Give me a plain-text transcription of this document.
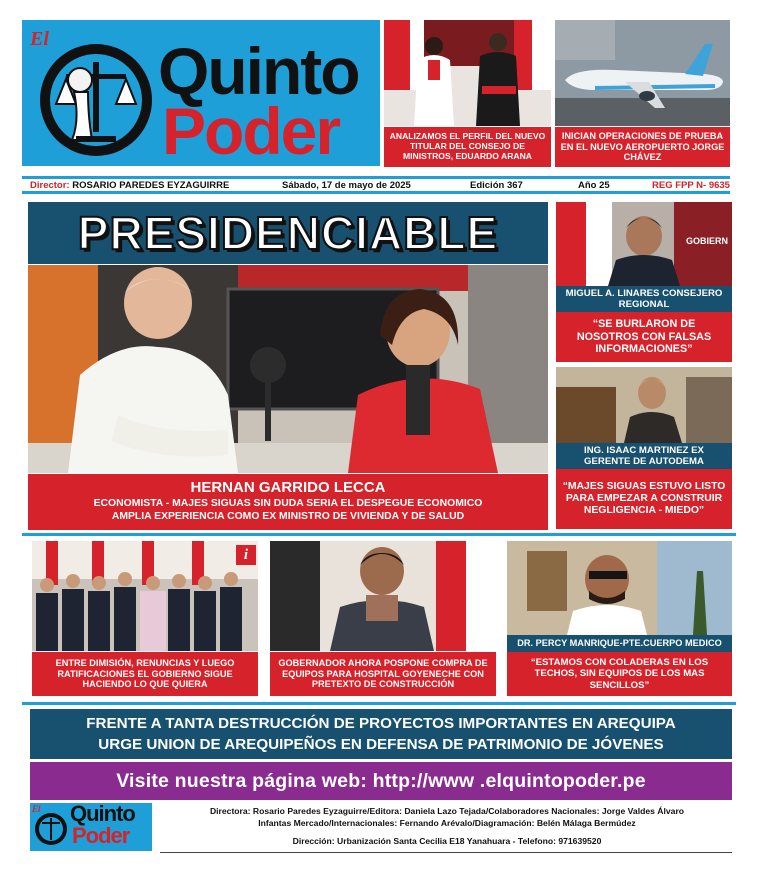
El Quinto
Poder	ANALIZAMOS EL PERFIL DEL NUEVO TITULAR DEL CONSEJO DE MINISTROS, EDUARDO ARANA
INICIAN OPERACIONES DE PRUEBA EN EL NUEVO AEROPUERTO JORGE CHÁVEZ
Director: ROSARIO PAREDES EYZAGUIRRE	Sábado, 17 de mayo de 2025	Edición 367	Año 25	REG FPP N- 9635
PRESIDENCIABLE
HERNAN GARRIDO LECCA
ECONOMISTA - MAJES SIGUAS SIN DUDA SERIA EL DESPEGUE ECONOMICO
AMPLIA EXPERIENCIA COMO EX MINISTRO DE VIVIENDA Y DE SALUD
GOBIERN
MIGUEL A. LINARES CONSEJERO REGIONAL
“SE BURLARON DE NOSOTROS CON FALSAS INFORMACIONES”
ING. ISAAC MARTINEZ EX GERENTE DE AUTODEMA
“MAJES SIGUAS ESTUVO LISTO PARA EMPEZAR A CONSTRUIR NEGLIGENCIA - MIEDO”
i
ENTRE DIMISIÓN, RENUNCIAS Y LUEGO RATIFICACIONES EL GOBIERNO SIGUE HACIENDO LO QUE QUIERA
GOBERNADOR AHORA POSPONE COMPRA DE EQUIPOS PARA HOSPITAL GOYENECHE CON PRETEXTO DE CONSTRUCCIÓN
DR. PERCY MANRIQUE-PTE.CUERPO MEDICO
“ESTAMOS CON COLADERAS EN LOS TECHOS, SIN EQUIPOS DE LOS MAS SENCILLOS”
FRENTE A TANTA DESTRUCCIÓN DE PROYECTOS IMPORTANTES EN AREQUIPA
URGE UNION DE AREQUIPEÑOS EN DEFENSA DE PATRIMONIO DE JÓVENES
Visite nuestra página web: http://www .elquintopoder.pe
El Quinto
Poder
Directora: Rosario Paredes Eyzaguirre/Editora: Daniela Lazo Tejada/Colaboradores Nacionales: Jorge Valdes Álvaro
Infantas Mercado/Internacionales: Fernando Arévalo/Diagramación: Belén Málaga Bermúdez
Dirección: Urbanización Santa Cecilia E18 Yanahuara - Telefono: 971639520
